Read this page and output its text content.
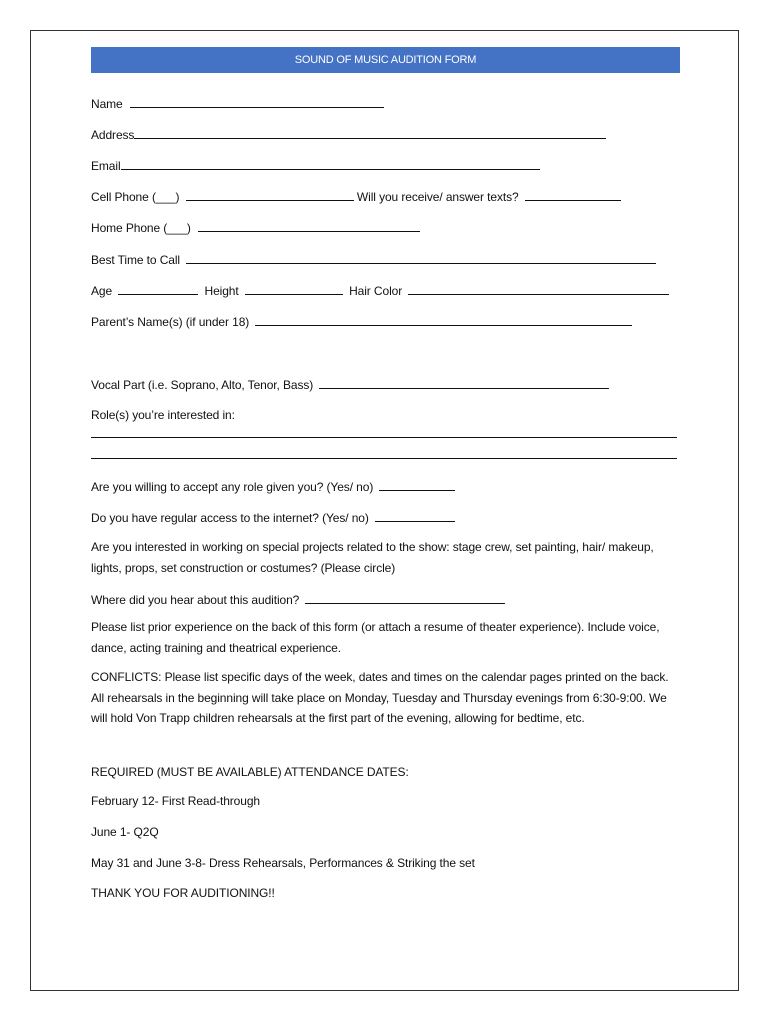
SOUND OF MUSIC AUDITION FORM
Name
Address
Email
Cell Phone (___)	Will you receive/ answer texts?
Home Phone (___)
Best Time to Call
Age	Height	Hair Color
Parent’s Name(s) (if under 18)
Vocal Part (i.e. Soprano, Alto, Tenor, Bass)
Role(s) you’re interested in:
Are you willing to accept any role given you? (Yes/ no)
Do you have regular access to the internet? (Yes/ no)
Are you interested in working on special projects related to the show: stage crew, set painting, hair/ makeup, lights, props, set construction or costumes? (Please circle)
Where did you hear about this audition?
Please list prior experience on the back of this form (or attach a resume of theater experience). Include voice, dance, acting training and theatrical experience.
CONFLICTS: Please list specific days of the week, dates and times on the calendar pages printed on the back. All rehearsals in the beginning will take place on Monday, Tuesday and Thursday evenings from 6:30-9:00. We will hold Von Trapp children rehearsals at the first part of the evening, allowing for bedtime, etc.
REQUIRED (MUST BE AVAILABLE) ATTENDANCE DATES:
February 12- First Read-through
June 1- Q2Q
May 31 and June 3-8- Dress Rehearsals, Performances & Striking the set
THANK YOU FOR AUDITIONING!!
